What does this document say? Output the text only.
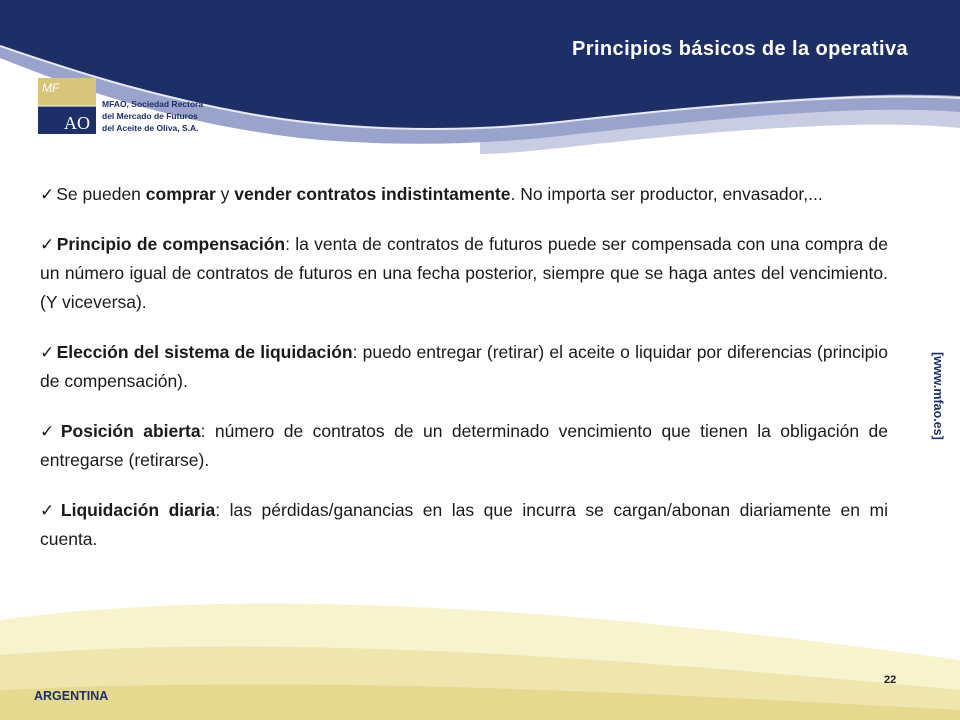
Principios básicos de la operativa
MF
AO
MFAO, Sociedad Rectora
del Mercado de Futuros
del Aceite de Oliva, S.A.

✓ Se pueden comprar y vender contratos indistintamente. No importa ser productor, envasador,...

✓ Principio de compensación: la venta de contratos de futuros puede ser compensada con una compra de un número igual de contratos de futuros en una fecha posterior, siempre que se haga antes del vencimiento. (Y viceversa).

✓ Elección del sistema de liquidación: puedo entregar (retirar) el aceite o liquidar por diferencias (principio de compensación).

✓ Posición abierta: número de contratos de un determinado vencimiento que tienen la obligación de entregarse (retirarse).

✓ Liquidación diaria: las pérdidas/ganancias en las que incurra se cargan/abonan diariamente en mi cuenta.

[www.mfao.es]
22
ARGENTINA
